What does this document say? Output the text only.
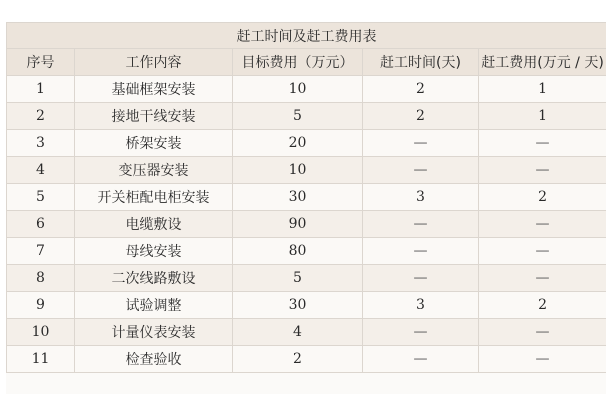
赶工时间及赶工费用表				
序号	工作内容	目标费用（万元）	赶工时间(天)	赶工费用(万元 / 天)
1	基础框架安装	10	2	1
2	接地干线安装	5	2	1
3	桥架安装	20	—	—
4	变压器安装	10	—	—
5	开关柜配电柜安装	30	3	2
6	电缆敷设	90	—	—
7	母线安装	80	—	—
8	二次线路敷设	5	—	—
9	试验调整	30	3	2
10	计量仪表安装	4	—	—
11	检查验收	2	—	—
